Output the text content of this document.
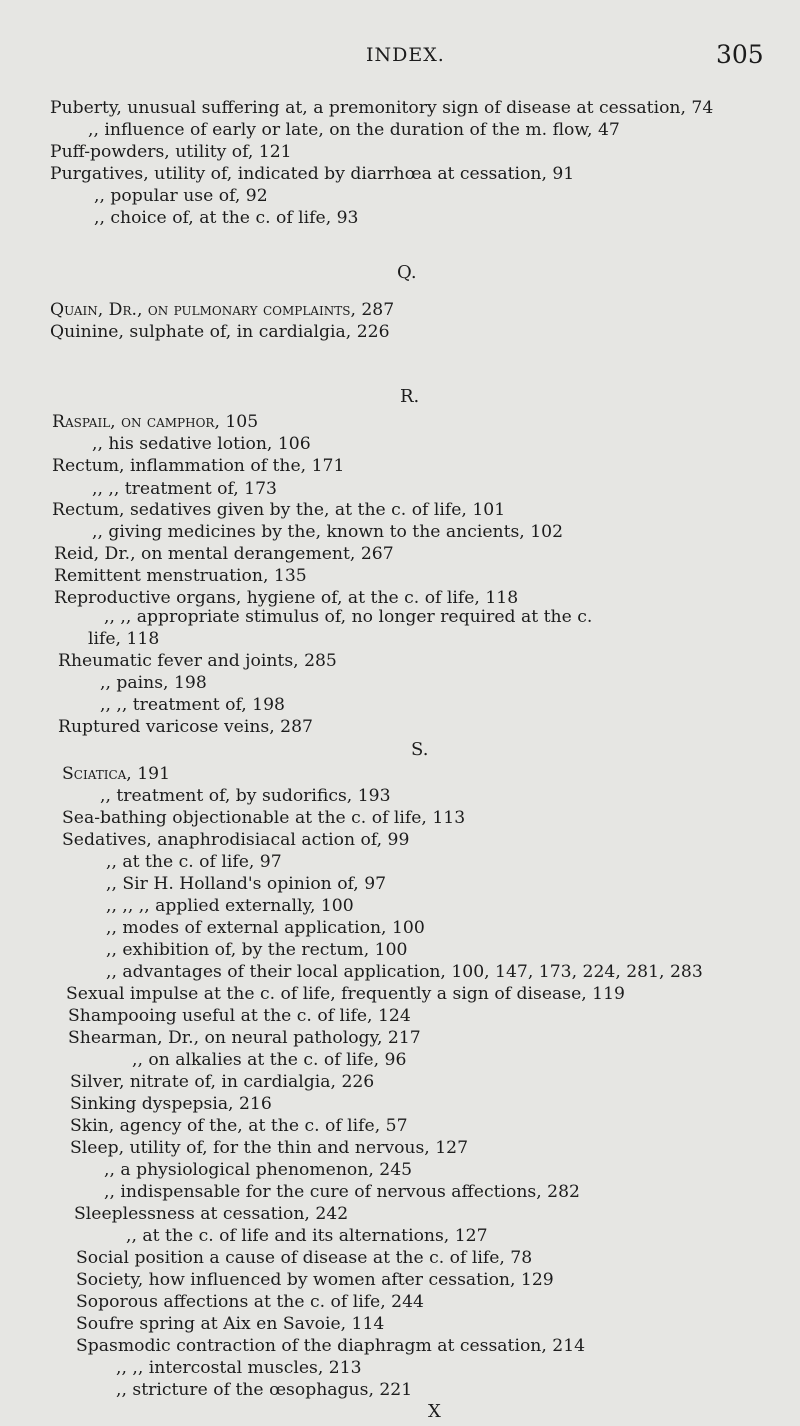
INDEX.	305
Puberty, unusual suffering at, a premonitory sign of disease at cessation, 74
,, influence of early or late, on the duration of the m. flow, 47
Puff-powders, utility of, 121
Purgatives, utility of, indicated by diarrhœa at cessation, 91
,, popular use of, 92
,, choice of, at the c. of life, 93
Q.
Quain, Dr., on pulmonary complaints, 287
Quinine, sulphate of, in cardialgia, 226
R.
Raspail, on camphor, 105
,, his sedative lotion, 106
Rectum, inflammation of the, 171
,, ,, treatment of, 173
Rectum, sedatives given by the, at the c. of life, 101
,, giving medicines by the, known to the ancients, 102
Reid, Dr., on mental derangement, 267
Remittent menstruation, 135
Reproductive organs, hygiene of, at the c. of life, 118
,, ,, appropriate stimulus of, no longer required at the c.
life, 118
Rheumatic fever and joints, 285
,, pains, 198
,, ,, treatment of, 198
Ruptured varicose veins, 287
S.
Sciatica, 191
,, treatment of, by sudorifics, 193
Sea-bathing objectionable at the c. of life, 113
Sedatives, anaphrodisiacal action of, 99
,, at the c. of life, 97
,, Sir H. Holland's opinion of, 97
,, ,, ,, applied externally, 100
,, modes of external application, 100
,, exhibition of, by the rectum, 100
,, advantages of their local application, 100, 147, 173, 224, 281, 283
Sexual impulse at the c. of life, frequently a sign of disease, 119
Shampooing useful at the c. of life, 124
Shearman, Dr., on neural pathology, 217
,, on alkalies at the c. of life, 96
Silver, nitrate of, in cardialgia, 226
Sinking dyspepsia, 216
Skin, agency of the, at the c. of life, 57
Sleep, utility of, for the thin and nervous, 127
,, a physiological phenomenon, 245
,, indispensable for the cure of nervous affections, 282
Sleeplessness at cessation, 242
,, at the c. of life and its alternations, 127
Social position a cause of disease at the c. of life, 78
Society, how influenced by women after cessation, 129
Soporous affections at the c. of life, 244
Soufre spring at Aix en Savoie, 114
Spasmodic contraction of the diaphragm at cessation, 214
,, ,, intercostal muscles, 213
,, stricture of the œsophagus, 221
X
